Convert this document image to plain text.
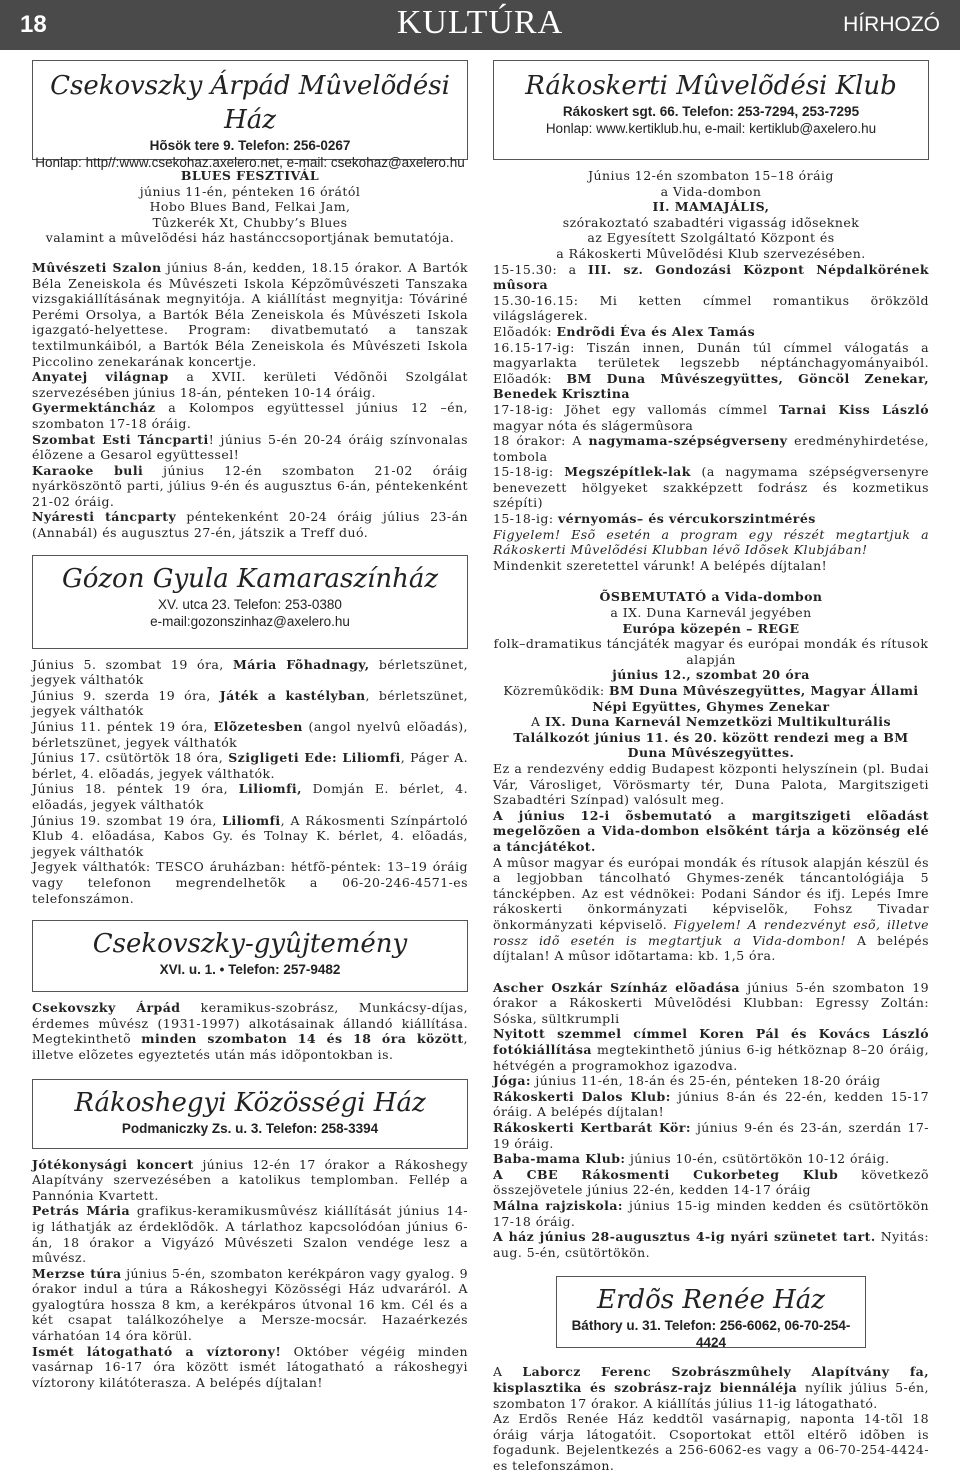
18	KULTÚRA	HÍRHOZÓ
Csekovszky Árpád Mûvelõdési Ház
Hõsök tere 9. Telefon: 256-0267
Honlap: http//:www.csekohaz.axelero.net, e-mail: csekohaz@axelero.hu

BLUES FESZTIVÁL

június 11-én, pénteken 16 órától

Hobo Blues Band, Felkai Jam,

Tûzkerék Xt, Chubby’s Blues

valamint a mûvelõdési ház hastánccsoportjának bemutatója.

Mûvészeti Szalon június 8-án, kedden, 18.15 órakor. A Bartók Béla Zeneiskola és Mûvészeti Iskola Képzõmûvészeti Tanszaka vizsgakiállításának megnyitója. A kiállítást megnyitja: Tóváriné Perémi Orsolya, a Bartók Béla Zeneiskola és Mûvészeti Iskola igazgató-helyettese. Program: divatbemutató a tanszak textilmunkáiból, a Bartók Béla Zeneiskola és Mûvészeti Iskola Piccolino zenekarának koncertje.

Anyatej világnap a XVII. kerületi Védõnõi Szolgálat szervezésében június 18-án, pénteken 10-14 óráig.

Gyermektáncház a Kolompos együttessel június 12 –én, szombaton 17-18 óráig.

Szombat Esti Táncparti! június 5-én 20-24 óráig színvonalas élõzene a Gesarol együttessel!

Karaoke buli június 12-én szombaton 21-02 óráig nyárköszöntõ parti, július 9-én és augusztus 6-án, péntekenként 21-02 óráig.

Nyáresti táncparty péntekenként 20-24 óráig július 23-án (Annabál) és augusztus 27-én, játszik a Treff duó.

Gózon Gyula Kamaraszínház
XV. utca 23. Telefon: 253-0380
e-mail:gozonszinhaz@axelero.hu

Június 5. szombat 19 óra, Mária Fõhadnagy, bérletszünet, jegyek válthatók

Június 9. szerda 19 óra, Játék a kastélyban, bérletszünet, jegyek válthatók

Június 11. péntek 19 óra, Elõzetesben (angol nyelvû elõadás), bérletszünet, jegyek válthatók

Június 17. csütörtök 18 óra, Szigligeti Ede: Liliomfi, Páger A. bérlet, 4. elõadás, jegyek válthatók.

Június 18. péntek 19 óra, Liliomfi, Domján E. bérlet, 4. elõadás, jegyek válthatók

Június 19. szombat 19 óra, Liliomfi, A Rákosmenti Színpártoló Klub 4. elõadása, Kabos Gy. és Tolnay K. bérlet, 4. elõadás, jegyek válthatók

Jegyek válthatók: TESCO áruházban: hétfõ-péntek: 13–19 óráig vagy telefonon megrendelhetõk a 06-20-246-4571-es telefonszámon.

Csekovszky-gyûjtemény
XVI. u. 1. • Telefon: 257-9482

Csekovszky Árpád keramikus-szobrász, Munkácsy-díjas, érdemes mûvész (1931-1997) alkotásainak állandó kiállítása. Megtekinthetõ minden szombaton 14 és 18 óra között, illetve elõzetes egyeztetés után más idõpontokban is.

Rákoshegyi Közösségi Ház
Podmaniczky Zs. u. 3. Telefon: 258-3394

Jótékonysági koncert június 12-én 17 órakor a Rákoshegy Alapítvány szervezésében a katolikus templomban. Fellép a Pannónia Kvartett.

Petrás Mária grafikus-keramikusmûvész kiállítását június 14-ig láthatják az érdeklõdõk. A tárlathoz kapcsolódóan június 6-án, 18 órakor a Vigyázó Mûvészeti Szalon vendége lesz a mûvész.

Merzse túra június 5-én, szombaton kerékpáron vagy gyalog. 9 órakor indul a túra a Rákoshegyi Közösségi Ház udvaráról. A gyalogtúra hossza 8 km, a kerékpáros útvonal 16 km. Cél és a két csapat találkozóhelye a Mersze-mocsár. Hazaérkezés várhatóan 14 óra körül.

Ismét látogatható a víztorony! Október végéig minden vasárnap 16-17 óra között ismét látogatható a rákoshegyi víztorony kilátóterasza. A belépés díjtalan!

Rákoskerti Mûvelõdési Klub
Rákoskert sgt. 66. Telefon: 253-7294, 253-7295
Honlap: www.kertiklub.hu, e-mail: kertiklub@axelero.hu

Június 12-én szombaton 15–18 óráig

a Vida-dombon

II. MAMAJÁLIS,

szórakoztató szabadtéri vigasság idõseknek

az Egyesített Szolgáltató Központ és

a Rákoskerti Mûvelõdési Klub szervezésében.

15-15.30: a III. sz. Gondozási Központ Népdalkörének mûsora

15.30-16.15: Mi ketten címmel romantikus örökzöld világslágerek.

Elõadók: Endrõdi Éva és Alex Tamás

16.15-17-ig: Tiszán innen, Dunán túl címmel válogatás a magyarlakta területek legszebb néptánchagyományaiból. Elõadók: BM Duna Mûvészegyüttes, Göncöl Zenekar, Benedek Krisztina

17-18-ig: Jöhet egy vallomás címmel Tarnai Kiss László magyar nóta és slágermûsora

18 órakor: A nagymama-szépségverseny eredményhirdetése, tombola

15-18-ig: Megszépítlek-lak (a nagymama szépségversenyre benevezett hölgyeket szakképzett fodrász és kozmetikus szépíti)

15-18-ig: vérnyomás– és vércukorszintmérés

Figyelem! Esõ esetén a program egy részét megtartjuk a Rákoskerti Mûvelõdési Klubban lévõ Idõsek Klubjában!

Mindenkit szeretettel várunk! A belépés díjtalan!

ÕSBEMUTATÓ a Vida-dombon

a IX. Duna Karnevál jegyében

Európa közepén – REGE

folk–dramatikus táncjáték magyar és európai mondák és rítusok alapján

június 12., szombat 20 óra

Közremûködik: BM Duna Mûvészegyüttes, Magyar Állami Népi Együttes, Ghymes Zenekar

A IX. Duna Karnevál Nemzetközi Multikulturális Találkozót június 11. és 20. között rendezi meg a BM Duna Mûvészegyüttes.

Ez a rendezvény eddig Budapest központi helyszínein (pl. Budai Vár, Városliget, Vörösmarty tér, Duna Palota, Margitszigeti Szabadtéri Színpad) valósult meg.

A június 12-i õsbemutató a margitszigeti elõadást megelõzõen a Vida-dombon elsõként tárja a közönség elé a táncjátékot.

A mûsor magyar és európai mondák és rítusok alapján készül és a legjobban táncolható Ghymes-zenék táncantológiája 5 táncképben. Az est védnökei: Podani Sándor és ifj. Lepés Imre rákoskerti önkormányzati képviselõk, Fohsz Tivadar önkormányzati képviselõ. Figyelem! A rendezvényt esõ, illetve rossz idõ esetén is megtartjuk a Vida-dombon! A belépés díjtalan! A mûsor idõtartama: kb. 1,5 óra.

Ascher Oszkár Színház elõadása június 5-én szombaton 19 órakor a Rákoskerti Mûvelõdési Klubban: Egressy Zoltán: Sóska, sültkrumpli

Nyitott szemmel címmel Koren Pál és Kovács László fotókiállítása megtekinthetõ június 6-ig hétköznap 8–20 óráig, hétvégén a programokhoz igazodva.

Jóga: június 11-én, 18-án és 25-én, pénteken 18-20 óráig

Rákoskerti Dalos Klub: június 8-án és 22-én, kedden 15-17 óráig. A belépés díjtalan!

Rákoskerti Kertbarát Kör: június 9-én és 23-án, szerdán 17-19 óráig.

Baba-mama Klub: június 10-én, csütörtökön 10-12 óráig.

A CBE Rákosmenti Cukorbeteg Klub következõ összejövetele június 22-én, kedden 14-17 óráig

Málna rajziskola: június 15-ig minden kedden és csütörtökön 17-18 óráig.

A ház június 28-augusztus 4-ig nyári szünetet tart. Nyitás: aug. 5-én, csütörtökön.

Erdõs Renée Ház
Báthory u. 31. Telefon: 256-6062, 06-70-254-4424

A Laborcz Ferenc Szobrászmûhely Alapítvány fa, kisplasztika és szobrász-rajz biennáléja nyílik július 5-én, szombaton 17 órakor. A kiállítás július 11-ig látogatható.

Az Erdõs Renée Ház keddtõl vasárnapig, naponta 14-tõl 18 óráig várja látogatóit. Csoportokat ettõl eltérõ idõben is fogadunk. Bejelentkezés a 256-6062-es vagy a 06-70-254-4424-es telefonszámon.
